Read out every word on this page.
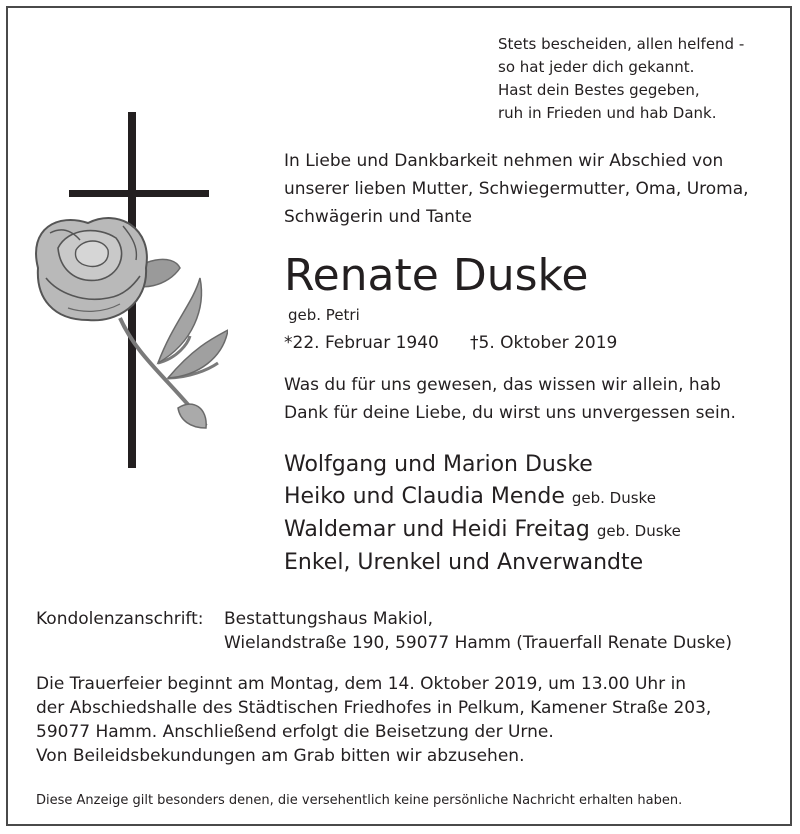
Stets bescheiden, allen helfend -
so hat jeder dich gekannt.
Hast dein Bestes gegeben,
ruh in Frieden und hab Dank.
In Liebe und Dankbarkeit nehmen wir Abschied von
unserer lieben Mutter, Schwiegermutter, Oma, Uroma,
Schwägerin und Tante
Renate Duske
geb. Petri
*22. Februar 1940 †5. Oktober 2019
Was du für uns gewesen, das wissen wir allein, hab
Dank für deine Liebe, du wirst uns unvergessen sein.
Wolfgang und Marion Duske
Heiko und Claudia Mende geb. Duske
Waldemar und Heidi Freitag geb. Duske
Enkel, Urenkel und Anverwandte
Kondolenzanschrift: Bestattungshaus Makiol,
Wielandstraße 190, 59077 Hamm (Trauerfall Renate Duske)
Die Trauerfeier beginnt am Montag, dem 14. Oktober 2019, um 13.00 Uhr in
der Abschiedshalle des Städtischen Friedhofes in Pelkum, Kamener Straße 203,
59077 Hamm. Anschließend erfolgt die Beisetzung der Urne.
Von Beileidsbekundungen am Grab bitten wir abzusehen.
Diese Anzeige gilt besonders denen, die versehentlich keine persönliche Nachricht erhalten haben.
